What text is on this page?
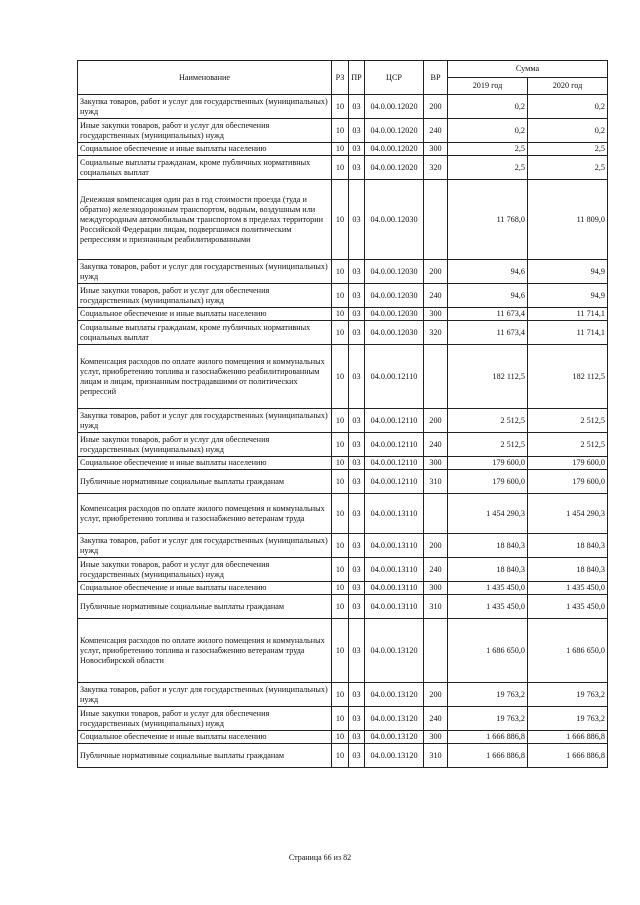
Наименование	РЗ	ПР	ЦСР	ВР	Сумма	
					2019 год	2020 год
Закупка товаров, работ и услуг для государственных (муниципальных) нужд	10	03	04.0.00.12020	200	0,2	0,2
Иные закупки товаров, работ и услуг для обеспечения государственных (муниципальных) нужд	10	03	04.0.00.12020	240	0,2	0,2
Социальное обеспечение и иные выплаты населению	10	03	04.0.00.12020	300	2,5	2,5
Социальные выплаты гражданам, кроме публичных нормативных социальных выплат	10	03	04.0.00.12020	320	2,5	2,5
Денежная компенсация один раз в год стоимости проезда (туда и обратно) железнодорожным транспортом, водным, воздушным или междугородным автомобильным транспортом в пределах территории Российской Федерации лицам, подвергшимся политическим репрессиям и признанным реабилитированными	10	03	04.0.00.12030		11 768,0	11 809,0
Закупка товаров, работ и услуг для государственных (муниципальных) нужд	10	03	04.0.00.12030	200	94,6	94,9
Иные закупки товаров, работ и услуг для обеспечения государственных (муниципальных) нужд	10	03	04.0.00.12030	240	94,6	94,9
Социальное обеспечение и иные выплаты населению	10	03	04.0.00.12030	300	11 673,4	11 714,1
Социальные выплаты гражданам, кроме публичных нормативных социальных выплат	10	03	04.0.00.12030	320	11 673,4	11 714,1
Компенсация расходов по оплате жилого помещения и коммунальных услуг, приобретению топлива и газоснабжению реабилитированным лицам и лицам, признанным пострадавшими от политических репрессий	10	03	04.0.00.12110		182 112,5	182 112,5
Закупка товаров, работ и услуг для государственных (муниципальных) нужд	10	03	04.0.00.12110	200	2 512,5	2 512,5
Иные закупки товаров, работ и услуг для обеспечения государственных (муниципальных) нужд	10	03	04.0.00.12110	240	2 512,5	2 512,5
Социальное обеспечение и иные выплаты населению	10	03	04.0.00.12110	300	179 600,0	179 600,0
Публичные нормативные социальные выплаты гражданам	10	03	04.0.00.12110	310	179 600,0	179 600,0
Компенсация расходов по оплате жилого помещения и коммунальных услуг, приобретению топлива и газоснабжению ветеранам труда	10	03	04.0.00.13110		1 454 290,3	1 454 290,3
Закупка товаров, работ и услуг для государственных (муниципальных) нужд	10	03	04.0.00.13110	200	18 840,3	18 840,3
Иные закупки товаров, работ и услуг для обеспечения государственных (муниципальных) нужд	10	03	04.0.00.13110	240	18 840,3	18 840,3
Социальное обеспечение и иные выплаты населению	10	03	04.0.00.13110	300	1 435 450,0	1 435 450,0
Публичные нормативные социальные выплаты гражданам	10	03	04.0.00.13110	310	1 435 450,0	1 435 450,0
Компенсация расходов по оплате жилого помещения и коммунальных услуг, приобретению топлива и газоснабжению ветеранам труда Новосибирской области	10	03	04.0.00.13120		1 686 650,0	1 686 650,0
Закупка товаров, работ и услуг для государственных (муниципальных) нужд	10	03	04.0.00.13120	200	19 763,2	19 763,2
Иные закупки товаров, работ и услуг для обеспечения государственных (муниципальных) нужд	10	03	04.0.00.13120	240	19 763,2	19 763,2
Социальное обеспечение и иные выплаты населению	10	03	04.0.00.13120	300	1 666 886,8	1 666 886,8
Публичные нормативные социальные выплаты гражданам	10	03	04.0.00.13120	310	1 666 886,8	1 666 886,8
Страница 66 из 82
